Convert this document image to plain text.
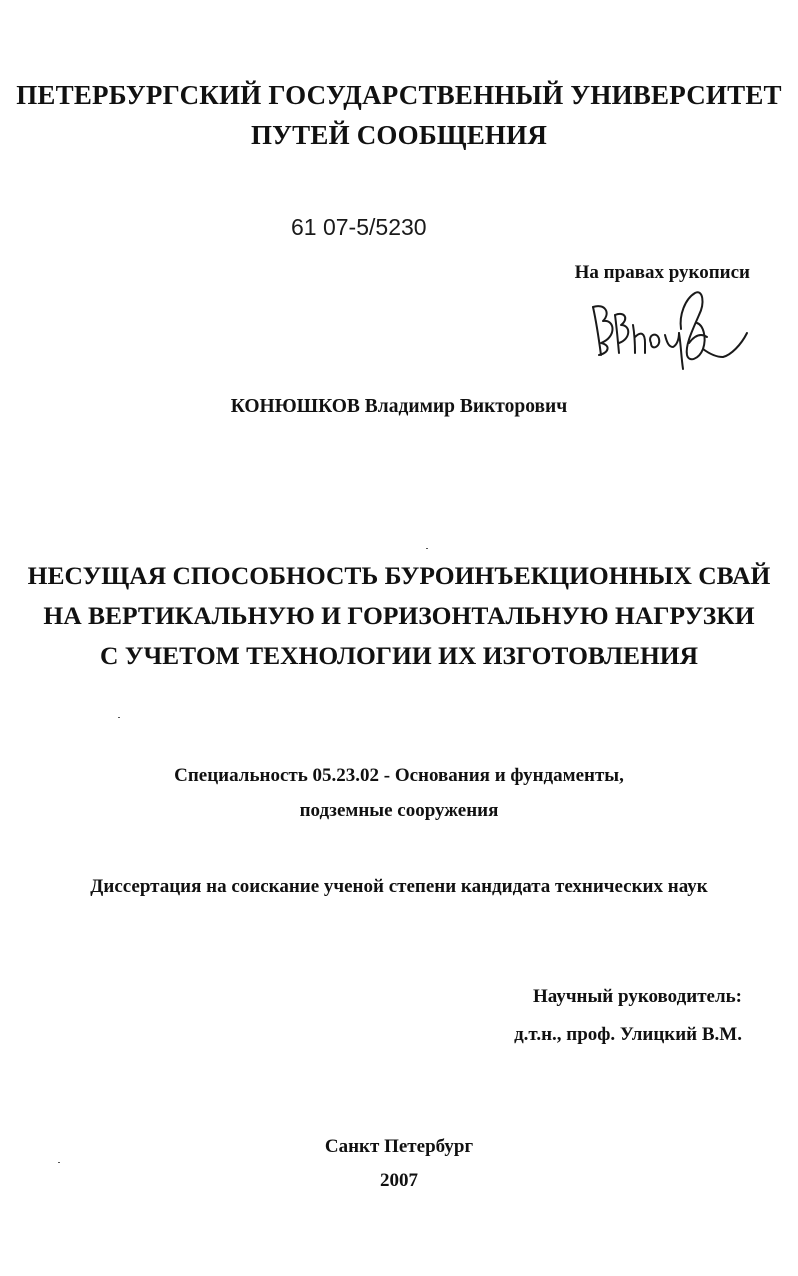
ПЕТЕРБУРГСКИЙ ГОСУДАРСТВЕННЫЙ УНИВЕРСИТЕТ
ПУТЕЙ СООБЩЕНИЯ
61 07-5/5230
На правах рукописи
КОНЮШКОВ Владимир Викторович
НЕСУЩАЯ СПОСОБНОСТЬ БУРОИНЪЕКЦИОННЫХ СВАЙ
НА ВЕРТИКАЛЬНУЮ И ГОРИЗОНТАЛЬНУЮ НАГРУЗКИ
С УЧЕТОМ ТЕХНОЛОГИИ ИХ ИЗГОТОВЛЕНИЯ
Специальность 05.23.02 - Основания и фундаменты,
подземные сооружения
Диссертация на соискание ученой степени кандидата технических наук
Научный руководитель:
д.т.н., проф. Улицкий В.М.
Санкт Петербург
2007
